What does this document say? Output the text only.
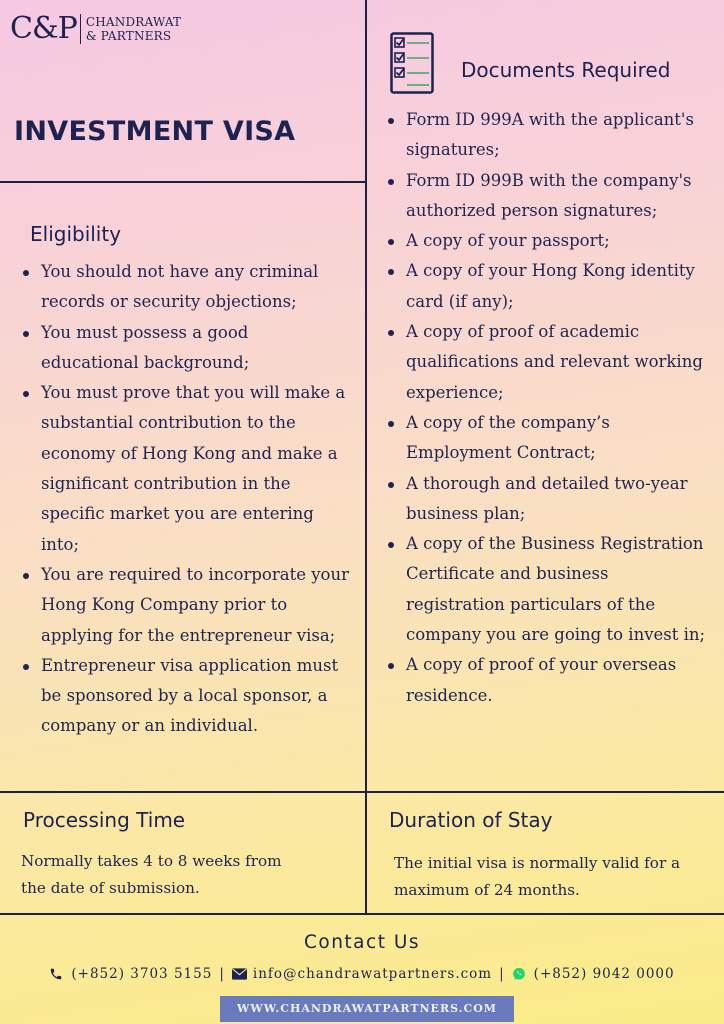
C&P CHANDRAWAT
& PARTNERS
INVESTMENT VISA
Eligibility
You should not have any criminal records or security objections;
You must possess a good educational background;
You must prove that you will make a substantial contribution to the economy of Hong Kong and make a significant contribution in the specific market you are entering into;
You are required to incorporate your Hong Kong Company prior to applying for the entrepreneur visa;
Entrepreneur visa application must be sponsored by a local sponsor, a company or an individual.
Documents Required
Form ID 999A with the applicant's signatures;
Form ID 999B with the company's authorized person signatures;
A copy of your passport;
A copy of your Hong Kong identity card (if any);
A copy of proof of academic qualifications and relevant working experience;
A copy of the company’s Employment Contract;
A thorough and detailed two-year business plan;
A copy of the Business Registration Certificate and business registration particulars of the company you are going to invest in;
A copy of proof of your overseas residence.
Processing Time
Normally takes 4 to 8 weeks from the date of submission.
Duration of Stay
The initial visa is normally valid for a maximum of 24 months.
Contact Us
(+852) 3703 5155 | info@chandrawatpartners.com | (+852) 9042 0000
WWW.CHANDRAWATPARTNERS.COM
